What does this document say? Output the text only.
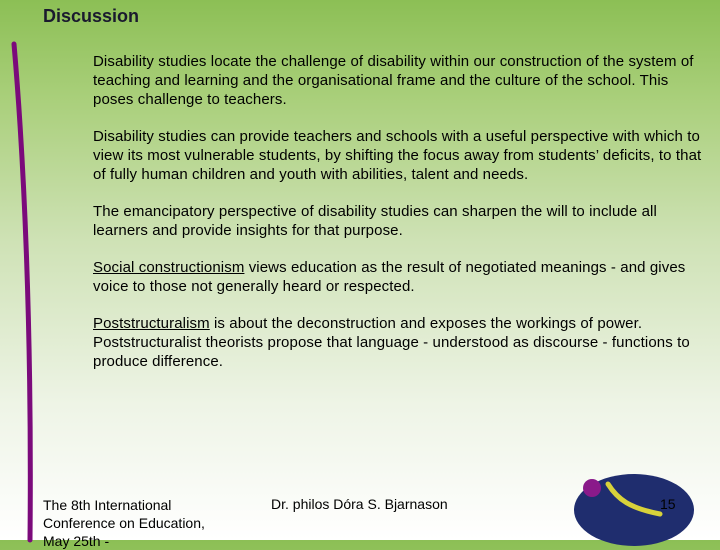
Discussion

Disability studies locate the challenge of disability within our construction of the system of teaching and learning and the organisational frame and the culture of the school. This poses challenge to teachers.

Disability studies can provide teachers and schools with a useful perspective with which to view its most vulnerable students, by shifting the focus away from students’ deficits, to that of fully human children and youth with abilities, talent and needs.

The emancipatory perspective of disability studies can sharpen the will to include all learners and provide insights for that purpose.

Social constructionism views education as the result of negotiated meanings - and gives voice to those not generally heard or respected.

Poststructuralism is about the deconstruction and exposes the workings of power. Poststructuralist theorists propose that language - understood as discourse - functions to produce difference.

The 8th International Conference on Education, May 25th -
Dr. philos Dóra S. Bjarnason	15
